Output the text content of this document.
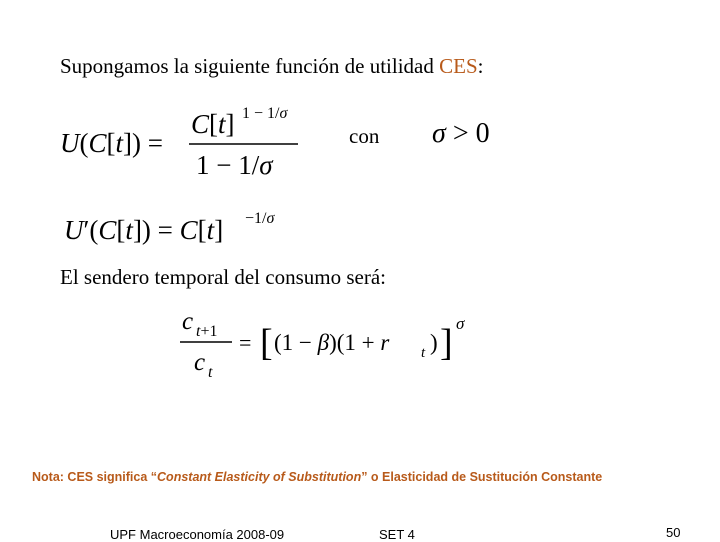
Supongamos la siguiente función de utilidad CES:
U(C[t]) =
C[t] 1 − 1/σ
1 − 1/σ
con σ > 0
U′(C[t]) = C[t] −1/σ
El sendero temporal del consumo será:
c t+1
c t
= [ (1 − β)(1 + r t ) ] σ
Nota: CES significa “Constant Elasticity of Substitution” o Elasticidad de Sustitución Constante
UPF Macroeconomía 2008-09	SET 4	50
